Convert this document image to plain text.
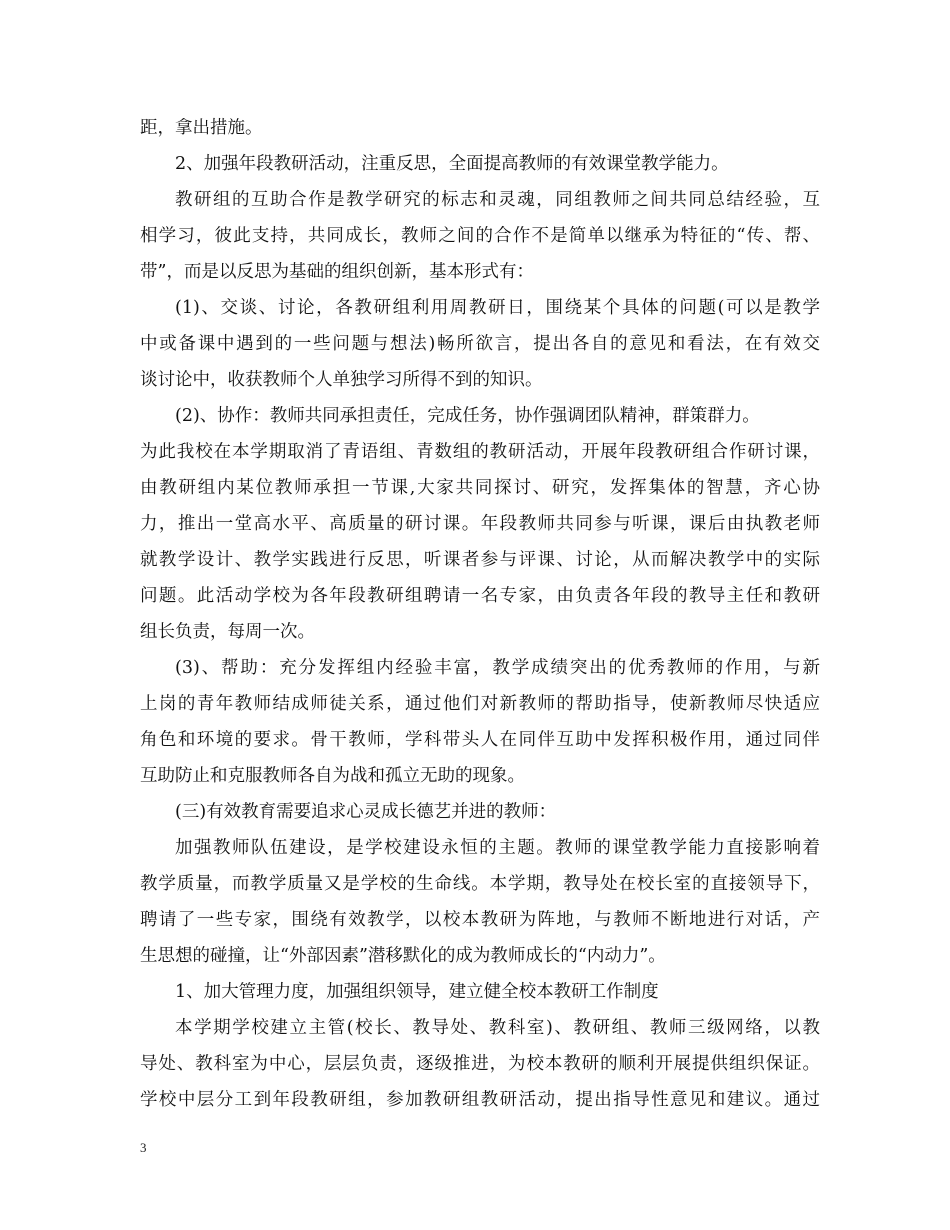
距，拿出措施。
2、加强年段教研活动，注重反思，全面提高教师的有效课堂教学能力。
教研组的互助合作是教学研究的标志和灵魂，同组教师之间共同总结经验，互
相学习，彼此支持，共同成长，教师之间的合作不是简单以继承为特征的“传、帮、
带”，而是以反思为基础的组织创新，基本形式有：
(1)、交谈、讨论，各教研组利用周教研日，围绕某个具体的问题(可以是教学
中或备课中遇到的一些问题与想法)畅所欲言，提出各自的意见和看法，在有效交
谈讨论中，收获教师个人单独学习所得不到的知识。
(2)、协作：教师共同承担责任，完成任务，协作强调团队精神，群策群力。
为此我校在本学期取消了青语组、青数组的教研活动，开展年段教研组合作研讨课，
由教研组内某位教师承担一节课,大家共同探讨、研究，发挥集体的智慧，齐心协
力，推出一堂高水平、高质量的研讨课。年段教师共同参与听课，课后由执教老师
就教学设计、教学实践进行反思，听课者参与评课、讨论，从而解决教学中的实际
问题。此活动学校为各年段教研组聘请一名专家，由负责各年段的教导主任和教研
组长负责，每周一次。
(3)、帮助：充分发挥组内经验丰富，教学成绩突出的优秀教师的作用，与新
上岗的青年教师结成师徒关系，通过他们对新教师的帮助指导，使新教师尽快适应
角色和环境的要求。骨干教师，学科带头人在同伴互助中发挥积极作用，通过同伴
互助防止和克服教师各自为战和孤立无助的现象。
(三)有效教育需要追求心灵成长德艺并进的教师：
加强教师队伍建设，是学校建设永恒的主题。教师的课堂教学能力直接影响着
教学质量，而教学质量又是学校的生命线。本学期，教导处在校长室的直接领导下，
聘请了一些专家，围绕有效教学，以校本教研为阵地，与教师不断地进行对话，产
生思想的碰撞，让“外部因素”潜移默化的成为教师成长的“内动力”。
1、加大管理力度，加强组织领导，建立健全校本教研工作制度
本学期学校建立主管(校长、教导处、教科室)、教研组、教师三级网络，以教
导处、教科室为中心，层层负责，逐级推进，为校本教研的顺利开展提供组织保证。
学校中层分工到年段教研组，参加教研组教研活动，提出指导性意见和建议。通过
3
